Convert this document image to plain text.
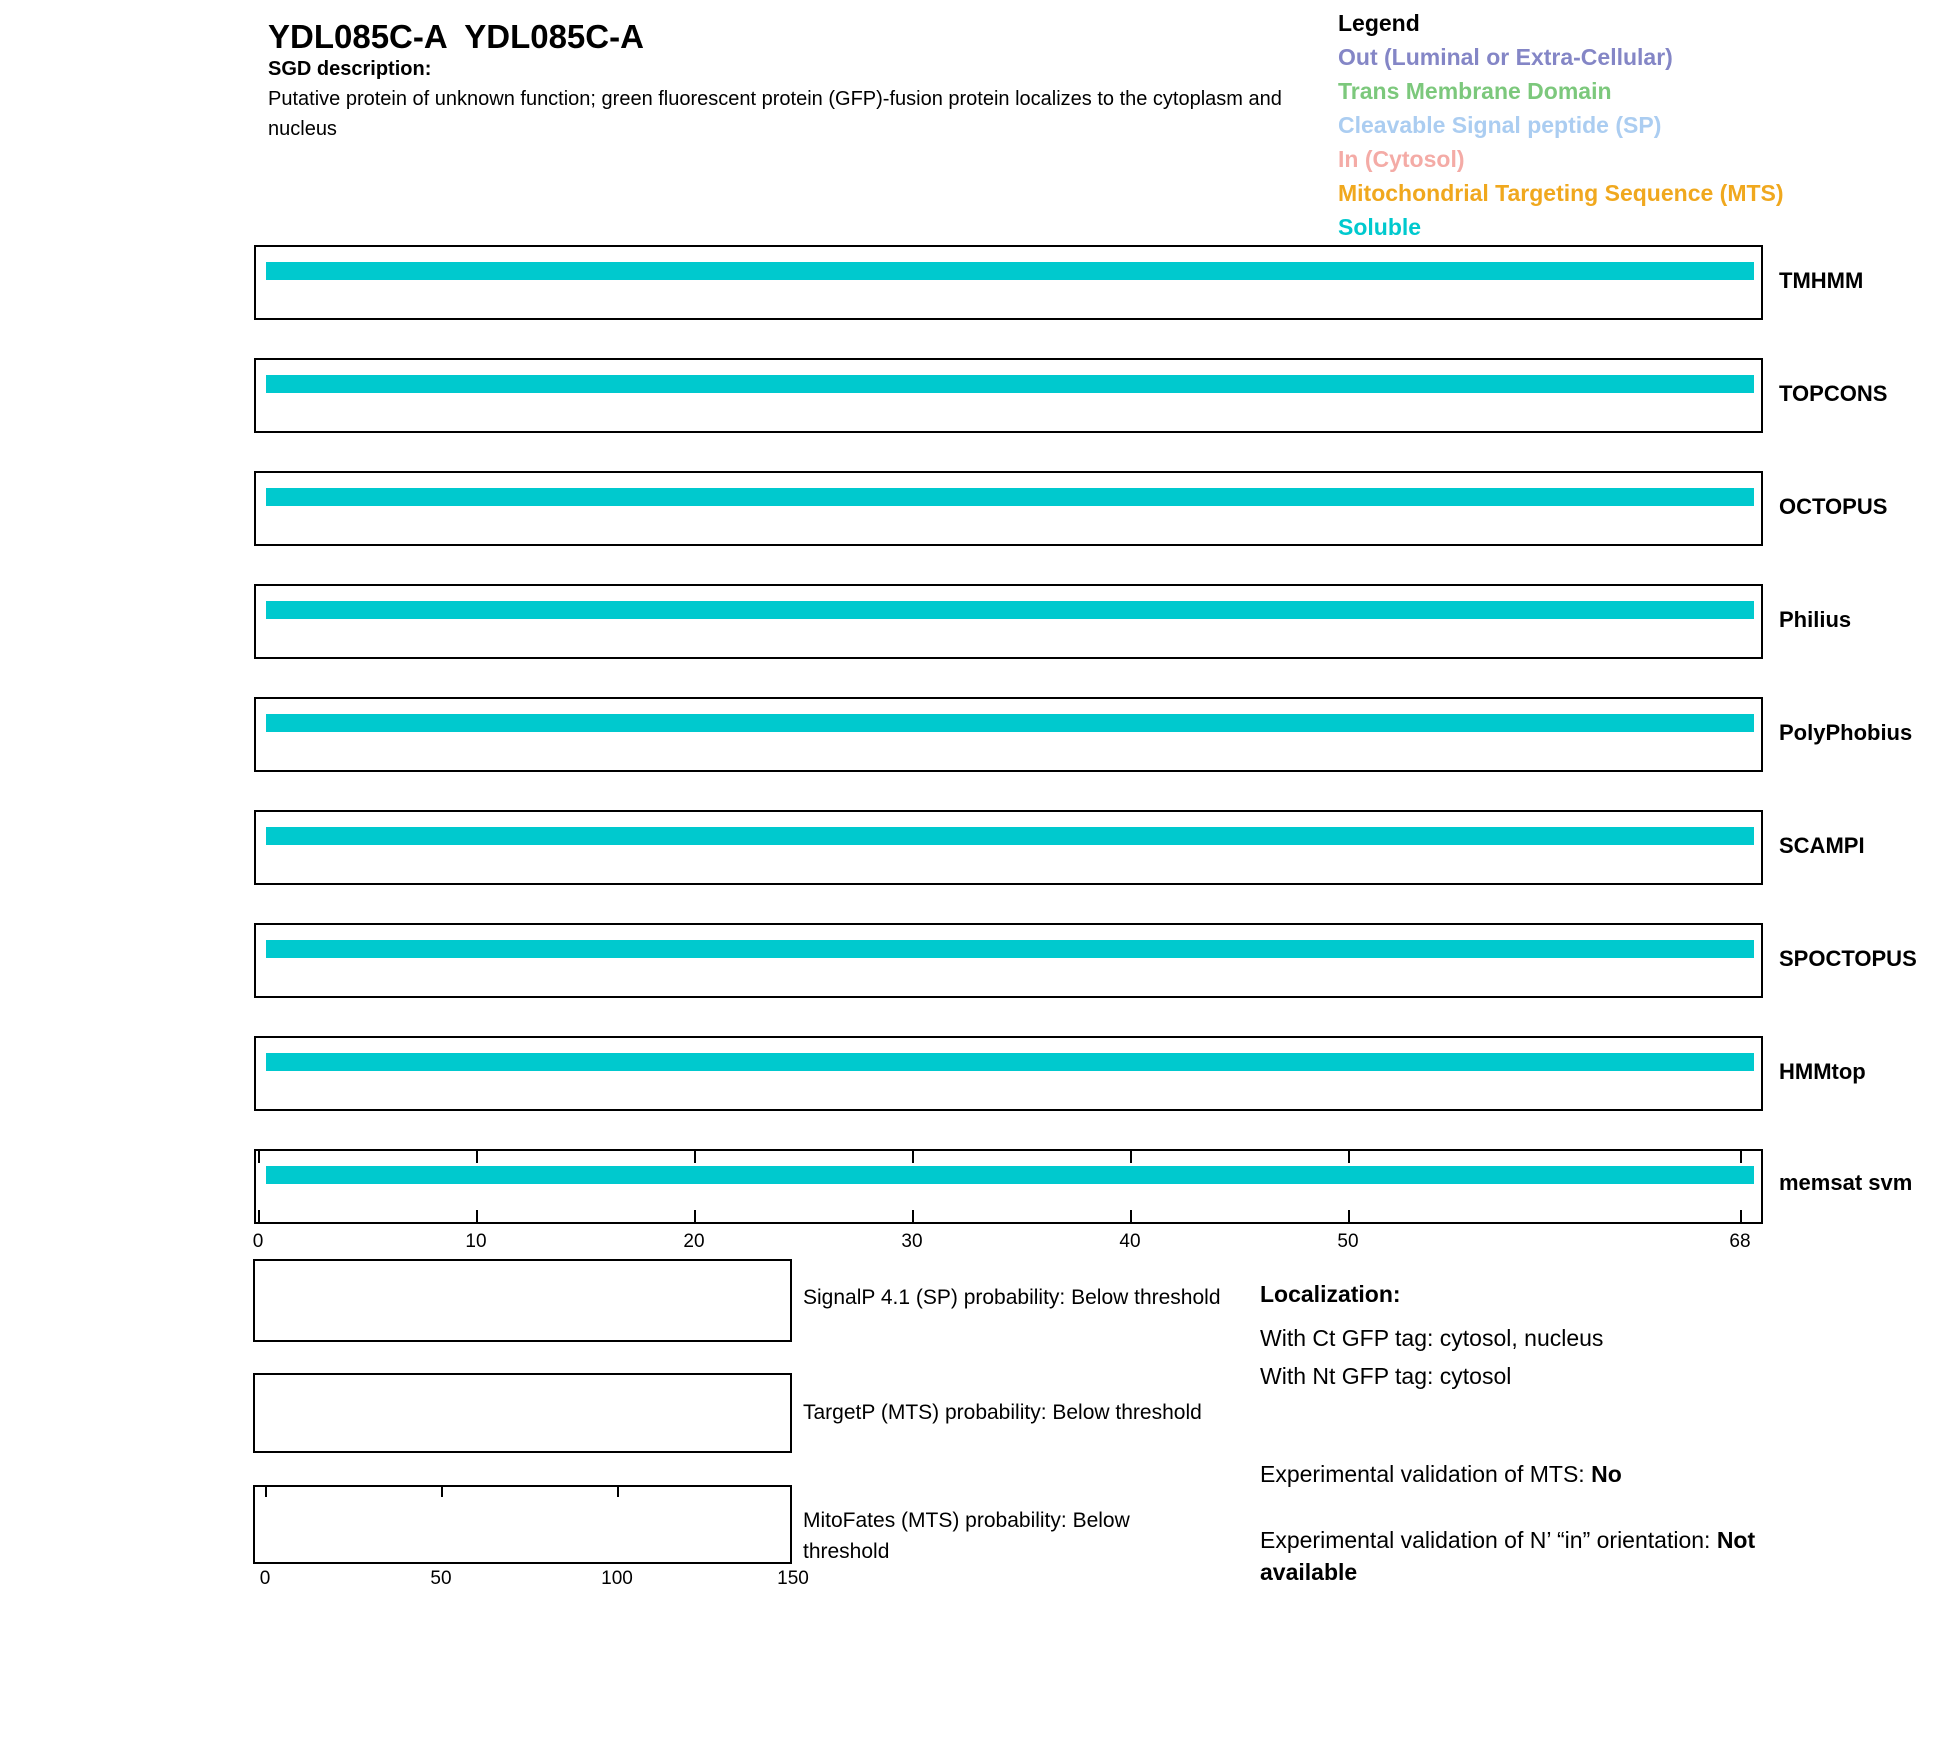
YDL085C-A  YDL085C-A
SGD description:
Putative protein of unknown function; green fluorescent protein (GFP)-fusion protein localizes to the cytoplasm and nucleus
Legend
Out (Luminal or Extra-Cellular)
Trans Membrane Domain
Cleavable Signal peptide (SP)
In (Cytosol)
Mitochondrial Targeting Sequence (MTS)
Soluble
TMHMM
TOPCONS
OCTOPUS
Philius
PolyPhobius
SCAMPI
SPOCTOPUS
HMMtop
memsat svm
0	10	20	30	40	50	68
SignalP 4.1 (SP) probability: Below threshold
TargetP (MTS) probability: Below threshold
MitoFates (MTS) probability: Below threshold
0	50	100	150
Localization:
With Ct GFP tag: cytosol, nucleus
With Nt GFP tag: cytosol
Experimental validation of MTS: No
Experimental validation of N’ “in” orientation: Not available
